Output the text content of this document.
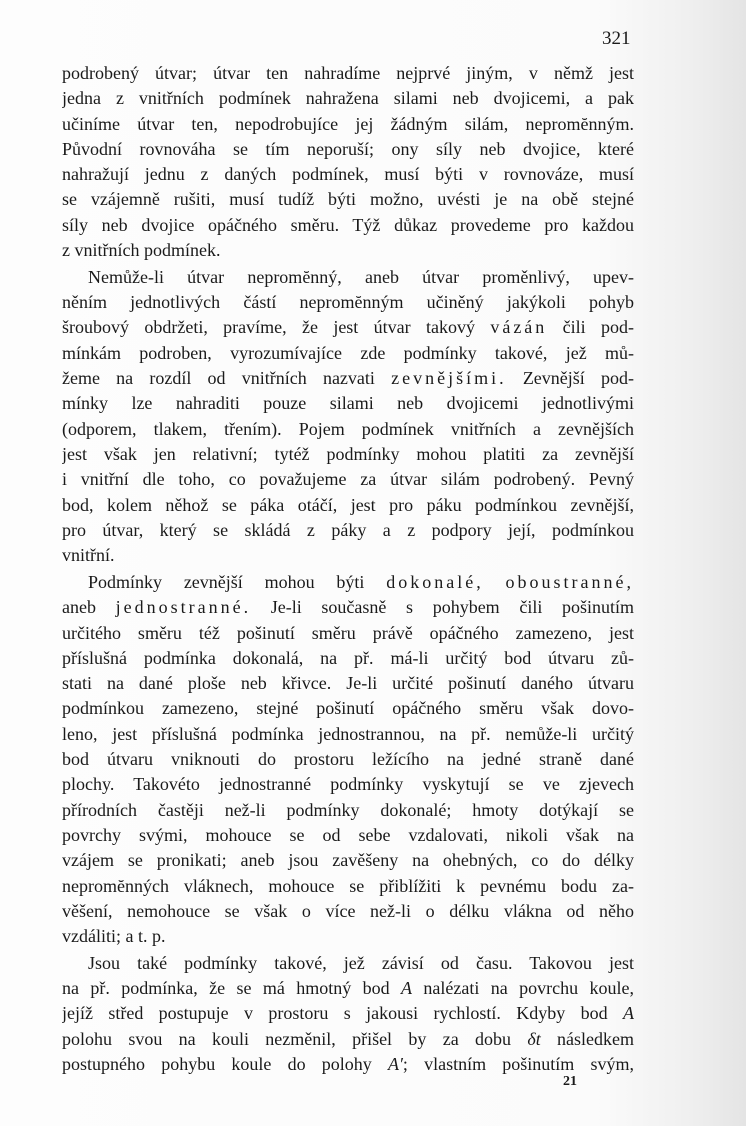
321
podrobený útvar; útvar ten nahradíme nejprvé jiným, v němž jest
jedna z vnitřních podmínek nahražena silami neb dvojicemi, a pak
učiníme útvar ten, nepodrobujíce jej žádným silám, nepromĕnným.
Původní rovnováha se tím neporuší; ony síly neb dvojice, které
nahražují jednu z daných podmínek, musí býti v rovnováze, musí
se vzájemně rušiti, musí tudíž býti možno, uvésti je na obě stejné
síly neb dvojice opáčného směru. Týž důkaz provedeme pro každou
z vnitřních podmínek.
Nemůže-li útvar nepromĕnný, aneb útvar proměnlivý, upev-
něním jednotlivých částí nepromĕnným učiněný jakýkoli pohyb
šroubový obdržeti, pravíme, že jest útvar takový vázán čili pod-
mínkám podroben, vyrozumívajíce zde podmínky takové, jež mů-
žeme na rozdíl od vnitřních nazvati zevnějšími. Zevnější pod-
mínky lze nahraditi pouze silami neb dvojicemi jednotlivými
(odporem, tlakem, třením). Pojem podmínek vnitřních a zevnějších
jest však jen relativní; tytéž podmínky mohou platiti za zevnější
i vnitřní dle toho, co považujeme za útvar silám podrobený. Pevný
bod, kolem něhož se páka otáčí, jest pro páku podmínkou zevnější,
pro útvar, který se skládá z páky a z podpory její, podmínkou
vnitřní.
Podmínky zevnější mohou býti dokonalé, oboustranné,
aneb jednostranné. Je-li současně s pohybem čili pošinutím
určitého směru též pošinutí směru právě opáčného zamezeno, jest
příslušná podmínka dokonalá, na př. má-li určitý bod útvaru zů-
stati na dané ploše neb křivce. Je-li určité pošinutí daného útvaru
podmínkou zamezeno, stejné pošinutí opáčného směru však dovo-
leno, jest příslušná podmínka jednostrannou, na př. nemůže-li určitý
bod útvaru vniknouti do prostoru ležícího na jedné straně dané
plochy. Takovéto jednostranné podmínky vyskytují se ve zjevech
přírodních častěji než-li podmínky dokonalé; hmoty dotýkají se
povrchy svými, mohouce se od sebe vzdalovati, nikoli však na
vzájem se pronikati; aneb jsou zavěšeny na ohebných, co do délky
nepromĕnných vláknech, mohouce se přiblížiti k pevnému bodu za-
věšení, nemohouce se však o více než-li o délku vlákna od něho
vzdáliti; a t. p.
Jsou také podmínky takové, jež závisí od času. Takovou jest
na př. podmínka, že se má hmotný bod A nalézati na povrchu koule,
jejíž střed postupuje v prostoru s jakousi rychlostí. Kdyby bod A
polohu svou na kouli nezměnil, přišel by za dobu δt následkem
postupného pohybu koule do polohy A′; vlastním pošinutím svým,
21
